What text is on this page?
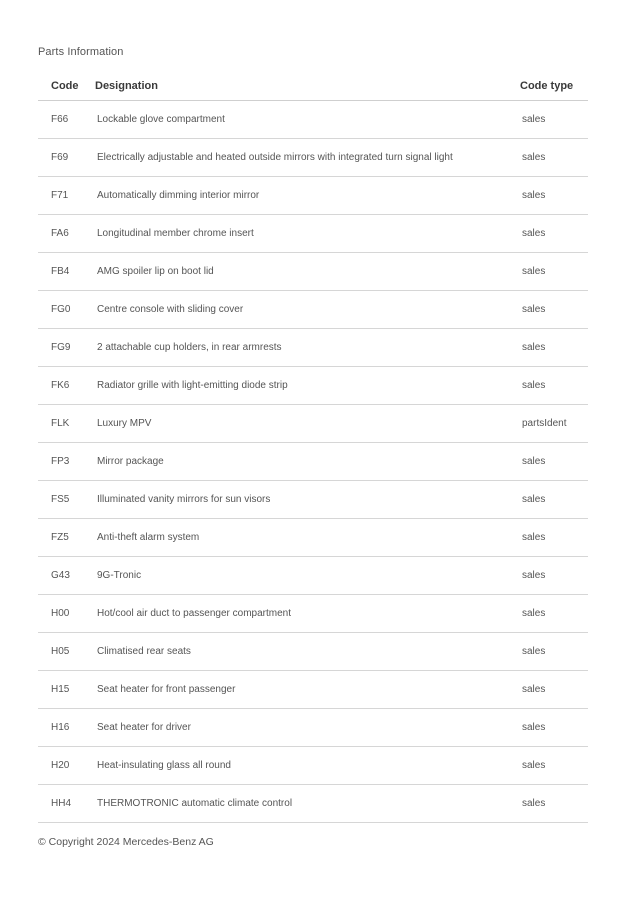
Parts Information
Code	Designation	Code type
F66	Lockable glove compartment	sales
F69	Electrically adjustable and heated outside mirrors with integrated turn signal light	sales
F71	Automatically dimming interior mirror	sales
FA6	Longitudinal member chrome insert	sales
FB4	AMG spoiler lip on boot lid	sales
FG0	Centre console with sliding cover	sales
FG9	2 attachable cup holders, in rear armrests	sales
FK6	Radiator grille with light-emitting diode strip	sales
FLK	Luxury MPV	partsIdent
FP3	Mirror package	sales
FS5	Illuminated vanity mirrors for sun visors	sales
FZ5	Anti-theft alarm system	sales
G43	9G-Tronic	sales
H00	Hot/cool air duct to passenger compartment	sales
H05	Climatised rear seats	sales
H15	Seat heater for front passenger	sales
H16	Seat heater for driver	sales
H20	Heat-insulating glass all round	sales
HH4	THERMOTRONIC automatic climate control	sales
© Copyright 2024 Mercedes-Benz AG
